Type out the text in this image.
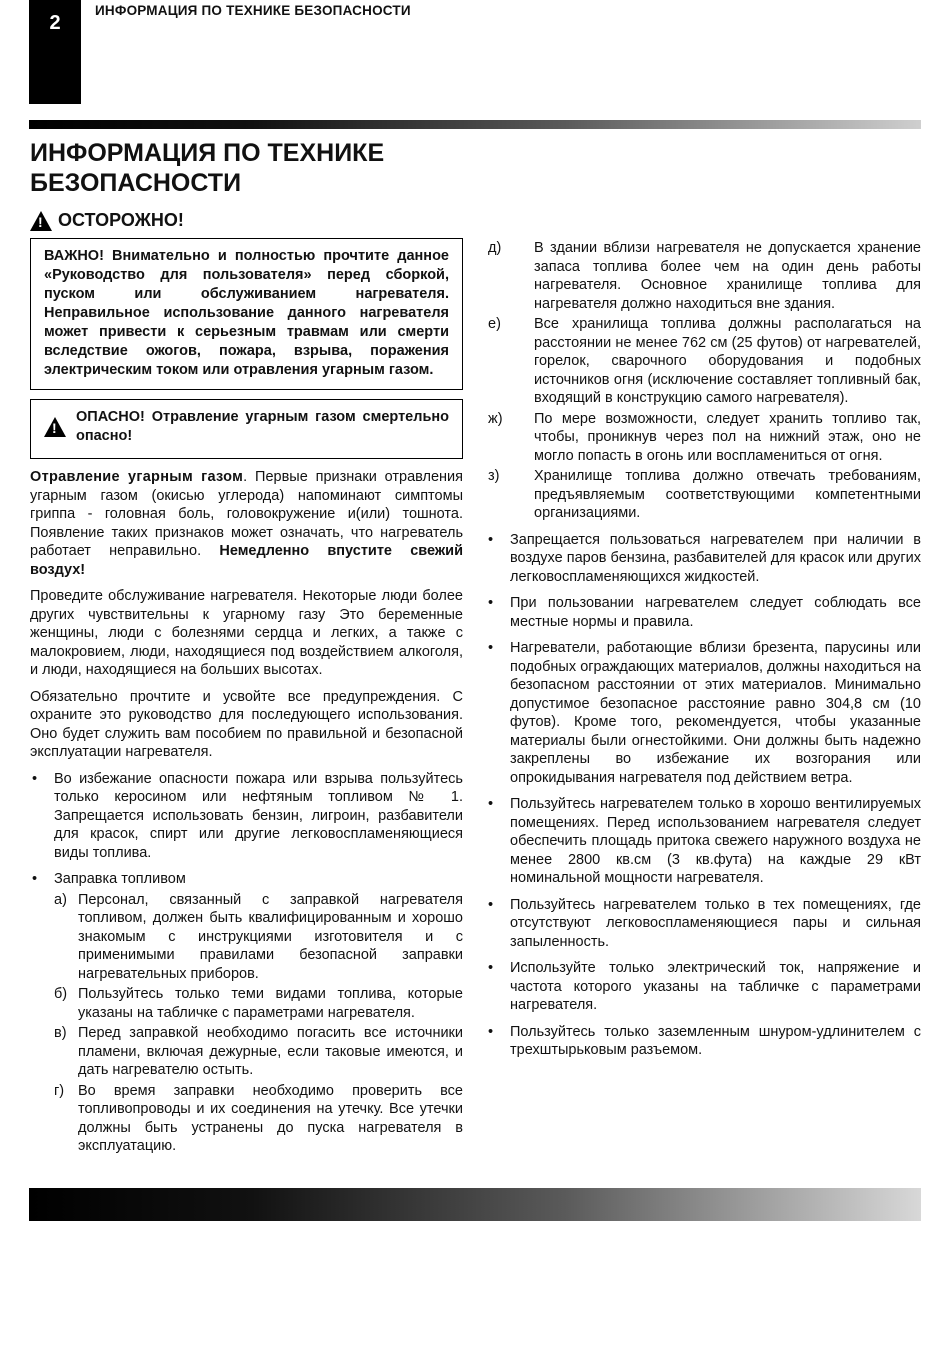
2
ИНФОРМАЦИЯ ПО ТЕХНИКЕ БЕЗОПАСНОСТИ
ИНФОРМАЦИЯ ПО ТЕХНИКЕ БЕЗОПАСНОСТИ
!
ОСТОРОЖНО!
ВАЖНО! Внимательно и полностью прочтите данное «Руководство для пользователя» перед сборкой, пуском или обслуживанием нагревателя. Неправильное использование данного нагревателя может привести к серьезным травмам или смерти вследствие ожогов, пожара, взрыва, поражения электрическим током или отравления угарным газом.
!
ОПАСНО! Отравление угарным газом смертельно опасно!

Отравление угарным газом. Первые признаки отравления угарным газом (окисью углерода) напоминают симптомы гриппа - головная боль, головокружение и(или) тошнота. Появление таких признаков может означать, что нагреватель работает неправильно. Немедленно впустите свежий воздух!

Проведите обслуживание нагревателя. Некоторые люди более других чувствительны к угарному газу Это беременные женщины, люди с болезнями сердца и легких, а также с малокровием, люди, находящиеся под воздействием алкоголя, и люди, находящиеся на больших высотах.

Обязательно прочтите и усвойте все предупреждения. С охраните это руководство для последующего использования. Оно будет служить вам пособием по правильной и безопасной эксплуатации нагревателя.

• Во избежание опасности пожара или взрыва пользуйтесь только керосином или нефтяным топливом № 1. Запрещается использовать бензин, лигроин, разбавители для красок, спирт или другие легковоспламеняющиеся виды топлива.
• Заправка топливом
а) Персонал, связанный с заправкой нагревателя топливом, должен быть квалифицированным и хорошо знакомым с инструкциями изготовителя и с применимыми правилами безопасной заправки нагревательных приборов.
б) Пользуйтесь только теми видами топлива, которые указаны на табличке с параметрами нагревателя.
в) Перед заправкой необходимо погасить все источники пламени, включая дежурные, если таковые имеются, и дать нагревателю остыть.
г) Во время заправки необходимо проверить все топливопроводы и их соединения на утечку. Все утечки должны быть устранены до пуска нагревателя в эксплуатацию.
д) В здании вблизи нагревателя не допускается хранение запаса топлива более чем на один день работы нагревателя. Основное хранилище топлива для нагревателя должно находиться вне здания.
е) Все хранилища топлива должны располагаться на расстоянии не менее 762 см (25 футов) от нагревателей, горелок, сварочного оборудования и подобных источников огня (исключение составляет топливный бак, входящий в конструкцию самого нагревателя).
ж) По мере возможности, следует хранить топливо так, чтобы, проникнув через пол на нижний этаж, оно не могло попасть в огонь или воспламениться от огня.
з) Хранилище топлива должно отвечать требованиям, предъявляемым соответствующими компетентными организациями.
• Запрещается пользоваться нагревателем при наличии в воздухе паров бензина, разбавителей для красок или других легковоспламеняющихся жидкостей.
• При пользовании нагревателем следует соблюдать все местные нормы и правила.
• Нагреватели, работающие вблизи брезента, парусины или подобных ограждающих материалов, должны находиться на безопасном расстоянии от этих материалов. Минимально допустимое безопасное расстояние равно 304,8 см (10 футов). Кроме того, рекомендуется, чтобы указанные материалы были огнестойкими. Они должны быть надежно закреплены во избежание их возгорания или опрокидывания нагревателя под действием ветра.
• Пользуйтесь нагревателем только в хорошо вентилируемых помещениях. Перед использованием нагревателя следует обеспечить площадь притока свежего наружного воздуха не менее 2800 кв.см (3 кв.фута) на каждые 29 кВт номинальной мощности нагревателя.
• Пользуйтесь нагревателем только в тех помещениях, где отсутствуют легковоспламеняющиеся пары и сильная запыленность.
• Используйте только электрический ток, напряжение и частота которого указаны на табличке с параметрами нагревателя.
• Пользуйтесь только заземленным шнуром-удлинителем с трехштырьковым разъемом.
